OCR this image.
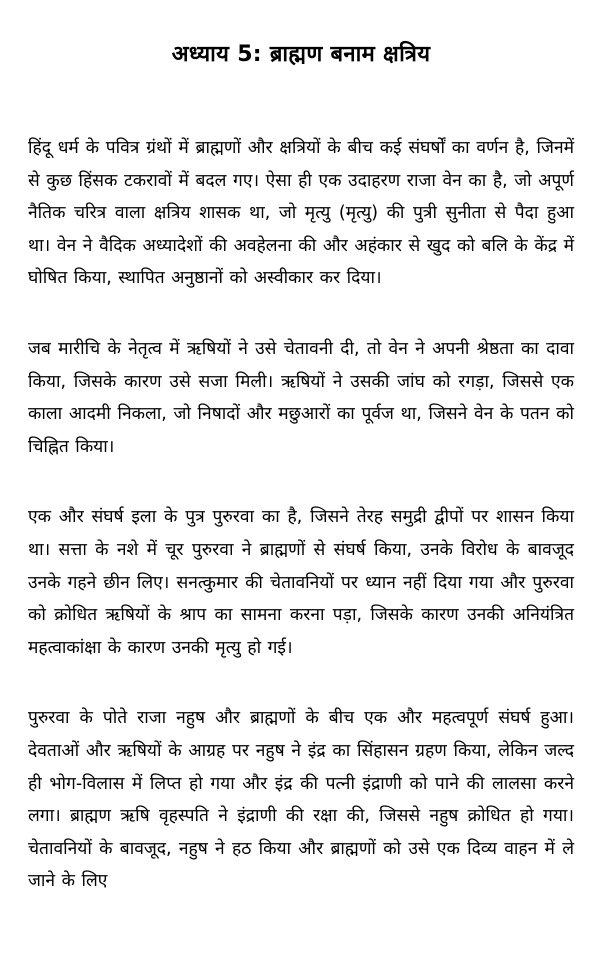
अध्याय 5: ब्राह्मण बनाम क्षत्रिय

हिंदू धर्म के पवित्र ग्रंथों में ब्राह्मणों और क्षत्रियों के बीच कई संघर्षों का वर्णन है, जिनमें से कुछ हिंसक टकरावों में बदल गए। ऐसा ही एक उदाहरण राजा वेन का है, जो अपूर्ण नैतिक चरित्र वाला क्षत्रिय शासक था, जो मृत्यु (मृत्यु) की पुत्री सुनीता से पैदा हुआ था। वेन ने वैदिक अध्यादेशों की अवहेलना की और अहंकार से खुद को बलि के केंद्र में घोषित किया, स्थापित अनुष्ठानों को अस्वीकार कर दिया।

जब मारीचि के नेतृत्व में ऋषियों ने उसे चेतावनी दी, तो वेन ने अपनी श्रेष्ठता का दावा किया, जिसके कारण उसे सजा मिली। ऋषियों ने उसकी जांघ को रगड़ा, जिससे एक काला आदमी निकला, जो निषादों और मछुआरों का पूर्वज था, जिसने वेन के पतन को चिह्नित किया।

एक और संघर्ष इला के पुत्र पुरुरवा का है, जिसने तेरह समुद्री द्वीपों पर शासन किया था। सत्ता के नशे में चूर पुरुरवा ने ब्राह्मणों से संघर्ष किया, उनके विरोध के बावजूद उनके गहने छीन लिए। सनत्कुमार की चेतावनियों पर ध्यान नहीं दिया गया और पुरुरवा को क्रोधित ऋषियों के श्राप का सामना करना पड़ा, जिसके कारण उनकी अनियंत्रित महत्वाकांक्षा के कारण उनकी मृत्यु हो गई।

पुरुरवा के पोते राजा नहुष और ब्राह्मणों के बीच एक और महत्वपूर्ण संघर्ष हुआ। देवताओं और ऋषियों के आग्रह पर नहुष ने इंद्र का सिंहासन ग्रहण किया, लेकिन जल्द ही भोग-विलास में लिप्त हो गया और इंद्र की पत्नी इंद्राणी को पाने की लालसा करने लगा। ब्राह्मण ऋषि वृहस्पति ने इंद्राणी की रक्षा की, जिससे नहुष क्रोधित हो गया। चेतावनियों के बावजूद, नहुष ने हठ किया और ब्राह्मणों को उसे एक दिव्य वाहन में ले जाने के लिए
